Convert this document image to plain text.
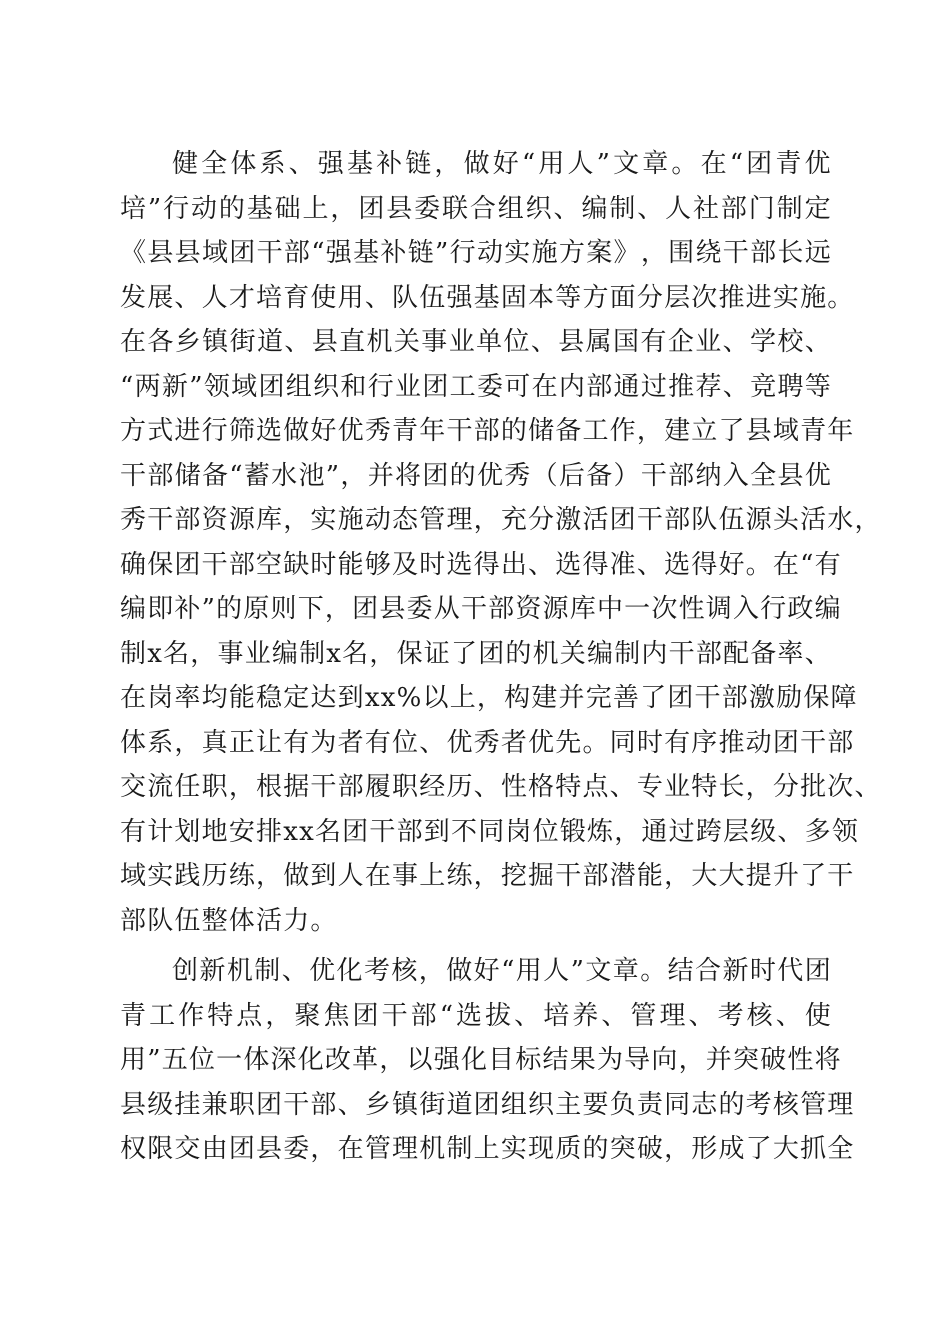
健 全 体 系 、 强 基 补 链 ， 做 好 “ 用 人 ” 文 章 。 在 “ 团 青 优
培 ” 行 动 的 基 础 上 ， 团 县 委 联 合 组 织 、 编 制 、 人 社 部 门 制 定
《 县 县 域 团 干 部 “ 强 基 补 链 ” 行 动 实 施 方 案 》 ， 围 绕 干 部 长 远
发 展 、 人 才 培 育 使 用 、 队 伍 强 基 固 本 等 方 面 分 层 次 推 进 实 施 。
在 各 乡 镇 街 道 、 县 直 机 关 事 业 单 位 、 县 属 国 有 企 业 、 学 校 、
“ 两 新 ” 领 域 团 组 织 和 行 业 团 工 委 可 在 内 部 通 过 推 荐 、 竞 聘 等
方 式 进 行 筛 选 做 好 优 秀 青 年 干 部 的 储 备 工 作 ， 建 立 了 县 域 青 年
干 部 储 备 “ 蓄 水 池 ” ， 并 将 团 的 优 秀 （ 后 备 ） 干 部 纳 入 全 县 优
秀 干 部 资 源 库 ， 实 施 动 态 管 理 ， 充 分 激 活 团 干 部 队 伍 源 头 活 水 ，
确 保 团 干 部 空 缺 时 能 够 及 时 选 得 出 、 选 得 准 、 选 得 好 。 在 “ 有
编 即 补 ” 的 原 则 下 ， 团 县 委 从 干 部 资 源 库 中 一 次 性 调 入 行 政 编
制 x 名 ， 事 业 编 制 x 名 ， 保 证 了 团 的 机 关 编 制 内 干 部 配 备 率 、
在 岗 率 均 能 稳 定 达 到 x x % 以 上 ， 构 建 并 完 善 了 团 干 部 激 励 保 障
体 系 ， 真 正 让 有 为 者 有 位 、 优 秀 者 优 先 。 同 时 有 序 推 动 团 干 部
交 流 任 职 ， 根 据 干 部 履 职 经 历 、 性 格 特 点 、 专 业 特 长 ， 分 批 次 、
有 计 划 地 安 排 x x 名 团 干 部 到 不 同 岗 位 锻 炼 ， 通 过 跨 层 级 、 多 领
域 实 践 历 练 ， 做 到 人 在 事 上 练 ， 挖 掘 干 部 潜 能 ， 大 大 提 升 了 干
部队伍整体活力。
创 新 机 制 、 优 化 考 核 ， 做 好 “ 用 人 ” 文 章 。 结 合 新 时 代 团
青 工 作 特 点 ， 聚 焦 团 干 部 “ 选 拔 、 培 养 、 管 理 、 考 核 、 使
用 ” 五 位 一 体 深 化 改 革 ， 以 强 化 目 标 结 果 为 导 向 ， 并 突 破 性 将
县 级 挂 兼 职 团 干 部 、 乡 镇 街 道 团 组 织 主 要 负 责 同 志 的 考 核 管 理
权 限 交 由 团 县 委 ， 在 管 理 机 制 上 实 现 质 的 突 破 ， 形 成 了 大 抓 全
